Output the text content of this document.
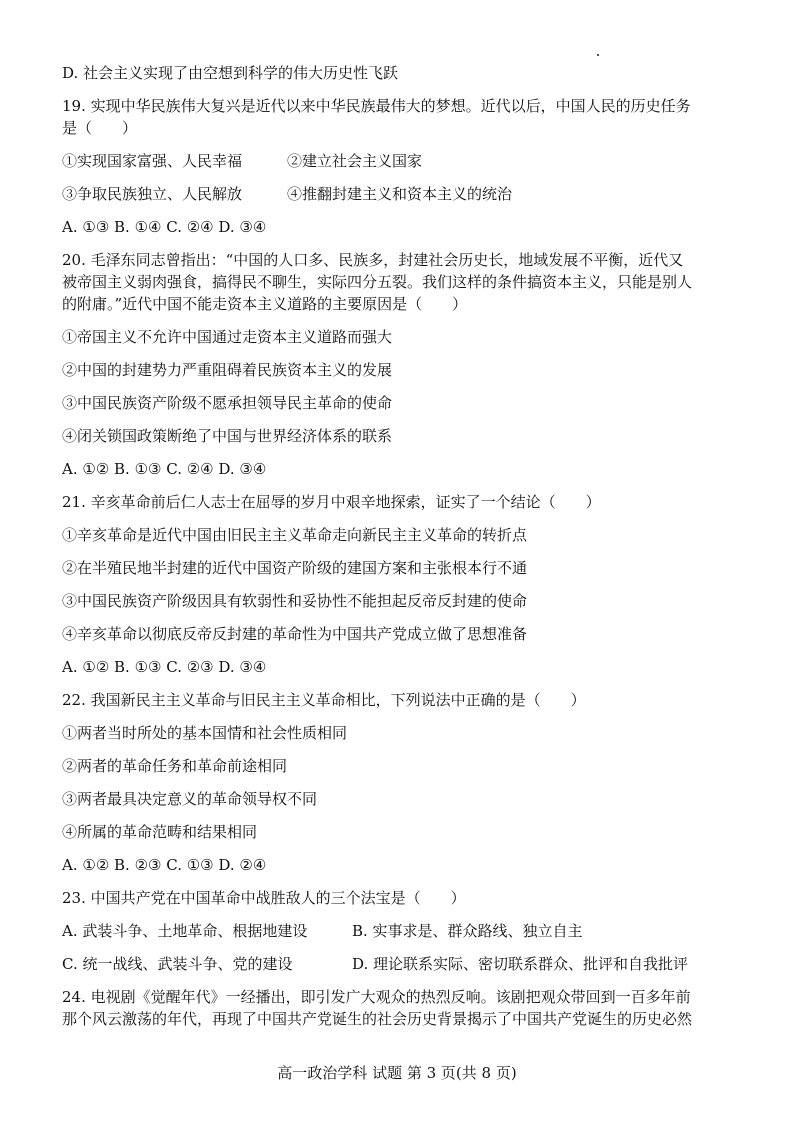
D. 社会主义实现了由空想到科学的伟大历史性飞跃

19. 实现中华民族伟大复兴是近代以来中华民族最伟大的梦想。近代以后，中国人民的历史任务

是（　　）

①实现国家富强、人民幸福	②建立社会主义国家
③争取民族独立、人民解放	④推翻封建主义和资本主义的统治

A. ①③ B. ①④ C. ②④ D. ③④

20. 毛泽东同志曾指出：“中国的人口多、民族多，封建社会历史长，地域发展不平衡，近代又

被帝国主义弱肉强食，搞得民不聊生，实际四分五裂。我们这样的条件搞资本主义，只能是别人

的附庸。”近代中国不能走资本主义道路的主要原因是（　　）

①帝国主义不允许中国通过走资本主义道路而强大

②中国的封建势力严重阻碍着民族资本主义的发展

③中国民族资产阶级不愿承担领导民主革命的使命

④闭关锁国政策断绝了中国与世界经济体系的联系

A. ①② B. ①③ C. ②④ D. ③④

21. 辛亥革命前后仁人志士在屈辱的岁月中艰辛地探索，证实了一个结论（　　）

①辛亥革命是近代中国由旧民主主义革命走向新民主主义革命的转折点

②在半殖民地半封建的近代中国资产阶级的建国方案和主张根本行不通

③中国民族资产阶级因具有软弱性和妥协性不能担起反帝反封建的使命

④辛亥革命以彻底反帝反封建的革命性为中国共产党成立做了思想准备

A. ①② B. ①③ C. ②③ D. ③④

22. 我国新民主主义革命与旧民主主义革命相比，下列说法中正确的是（　　）

①两者当时所处的基本国情和社会性质相同

②两者的革命任务和革命前途相同

③两者最具决定意义的革命领导权不同

④所属的革命范畴和结果相同

A. ①② B. ②③ C. ①③ D. ②④

23. 中国共产党在中国革命中战胜敌人的三个法宝是（　　）

A. 武装斗争、土地革命、根据地建设	B. 实事求是、群众路线、独立自主
C. 统一战线、武装斗争、党的建设	D. 理论联系实际、密切联系群众、批评和自我批评

24. 电视剧《觉醒年代》一经播出，即引发广大观众的热烈反响。该剧把观众带回到一百多年前

那个风云激荡的年代，再现了中国共产党诞生的社会历史背景揭示了中国共产党诞生的历史必然

高一政治学科 试题 第 3 页(共 8 页)
